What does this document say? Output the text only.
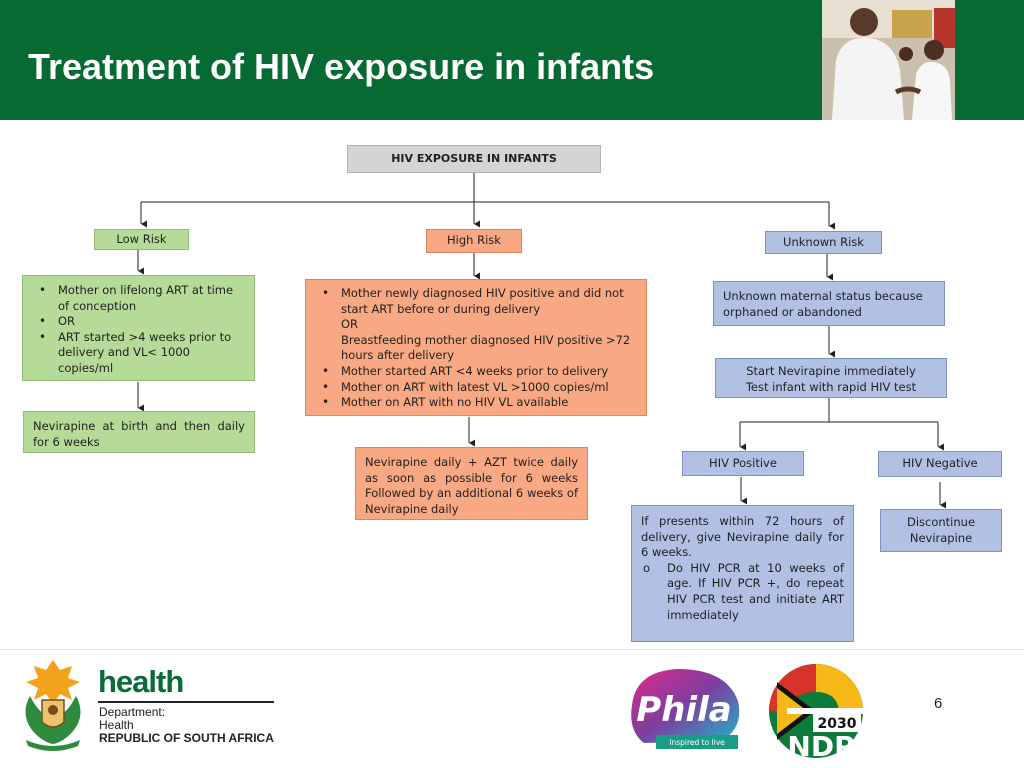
Treatment of HIV exposure in infants
HIV EXPOSURE IN INFANTS
Low Risk
• Mother on lifelong ART at time of conception
• OR
• ART started >4 weeks prior to delivery and VL< 1000 copies/ml
Nevirapine at birth and then daily for 6 weeks
High Risk
• Mother newly diagnosed HIV positive and did not start ART before or during delivery
OR
Breastfeeding mother diagnosed HIV positive >72 hours after delivery
• Mother started ART <4 weeks prior to delivery
• Mother on ART with latest VL >1000 copies/ml
• Mother on ART with no HIV VL available
Nevirapine daily + AZT twice daily as soon as possible for 6 weeks Followed by an additional 6 weeks of Nevirapine daily
Unknown Risk
Unknown maternal status because orphaned or abandoned

Start Nevirapine immediately

Test infant with rapid HIV test

HIV Positive	HIV Negative

If presents within 72 hours of delivery, give Nevirapine daily for 6 weeks.

o Do HIV PCR at 10 weeks of age. If HIV PCR +, do repeat HIV PCR test and initiate ART immediately

Discontinue

Nevirapine

health
Department:
Health
REPUBLIC OF SOUTH AFRICA
Phila
Inspired to live
2030
NDP
6
